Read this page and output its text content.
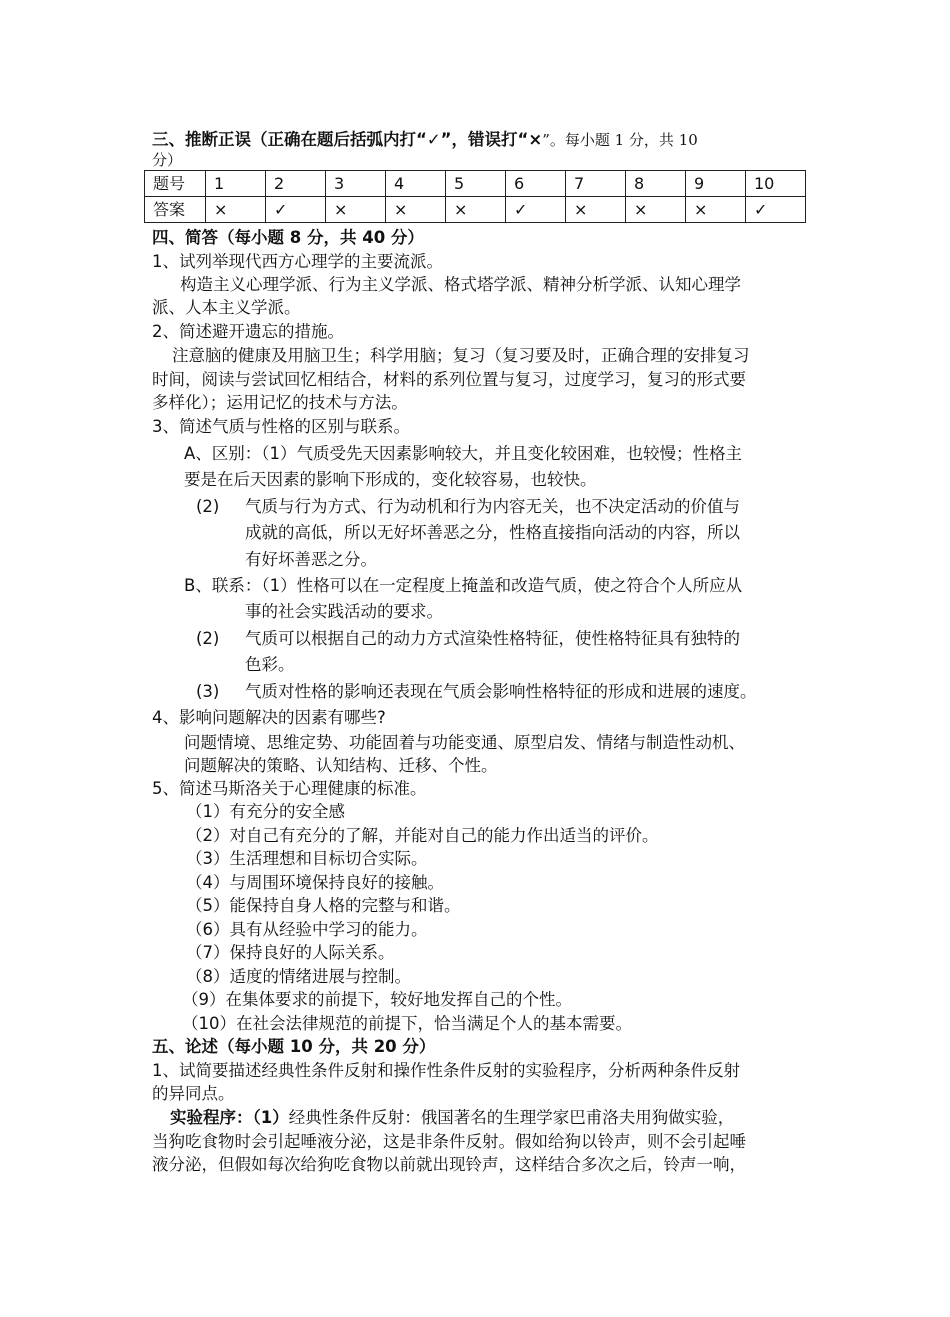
三、推断正误（正确在题后括弧内打“✓”，错误打“×”。每小题 1 分，共 10
分）
题号	1	2	3	4	5	6	7	8	9	10
答案	×	✓	×	×	×	✓	×	×	×	✓
四、简答（每小题 8 分，共 40 分）
1、试列举现代西方心理学的主要流派。
构造主义心理学派、行为主义学派、格式塔学派、精神分析学派、认知心理学
派、人本主义学派。
2、简述避开遗忘的措施。
注意脑的健康及用脑卫生；科学用脑；复习（复习要及时，正确合理的安排复习
时间，阅读与尝试回忆相结合，材料的系列位置与复习，过度学习，复习的形式要
多样化）；运用记忆的技术与方法。
3、简述气质与性格的区别与联系。
A、区别：（1）气质受先天因素影响较大，并且变化较困难，也较慢；性格主
要是在后天因素的影响下形成的，变化较容易，也较快。
(2) 气质与行为方式、行为动机和行为内容无关，也不决定活动的价值与
成就的高低，所以无好坏善恶之分，性格直接指向活动的内容，所以
有好坏善恶之分。
B、联系：（1）性格可以在一定程度上掩盖和改造气质，使之符合个人所应从
事的社会实践活动的要求。
(2) 气质可以根据自己的动力方式渲染性格特征，使性格特征具有独特的
色彩。
(3) 气质对性格的影响还表现在气质会影响性格特征的形成和进展的速度。
4、影响问题解决的因素有哪些?
问题情境、思维定势、功能固着与功能变通、原型启发、情绪与制造性动机、
问题解决的策略、认知结构、迁移、个性。
5、简述马斯洛关于心理健康的标准。
（1）有充分的安全感
（2）对自己有充分的了解，并能对自己的能力作出适当的评价。
（3）生活理想和目标切合实际。
（4）与周围环境保持良好的接触。
（5）能保持自身人格的完整与和谐。
（6）具有从经验中学习的能力。
（7）保持良好的人际关系。
（8）适度的情绪进展与控制。
（9）在集体要求的前提下，较好地发挥自己的个性。
（10）在社会法律规范的前提下，恰当满足个人的基本需要。
五、论述（每小题 10 分，共 20 分）
1、试简要描述经典性条件反射和操作性条件反射的实验程序，分析两种条件反射
的异同点。
实验程序：（1）经典性条件反射：俄国著名的生理学家巴甫洛夫用狗做实验，
当狗吃食物时会引起唾液分泌，这是非条件反射。假如给狗以铃声，则不会引起唾
液分泌，但假如每次给狗吃食物以前就出现铃声，这样结合多次之后，铃声一响，
